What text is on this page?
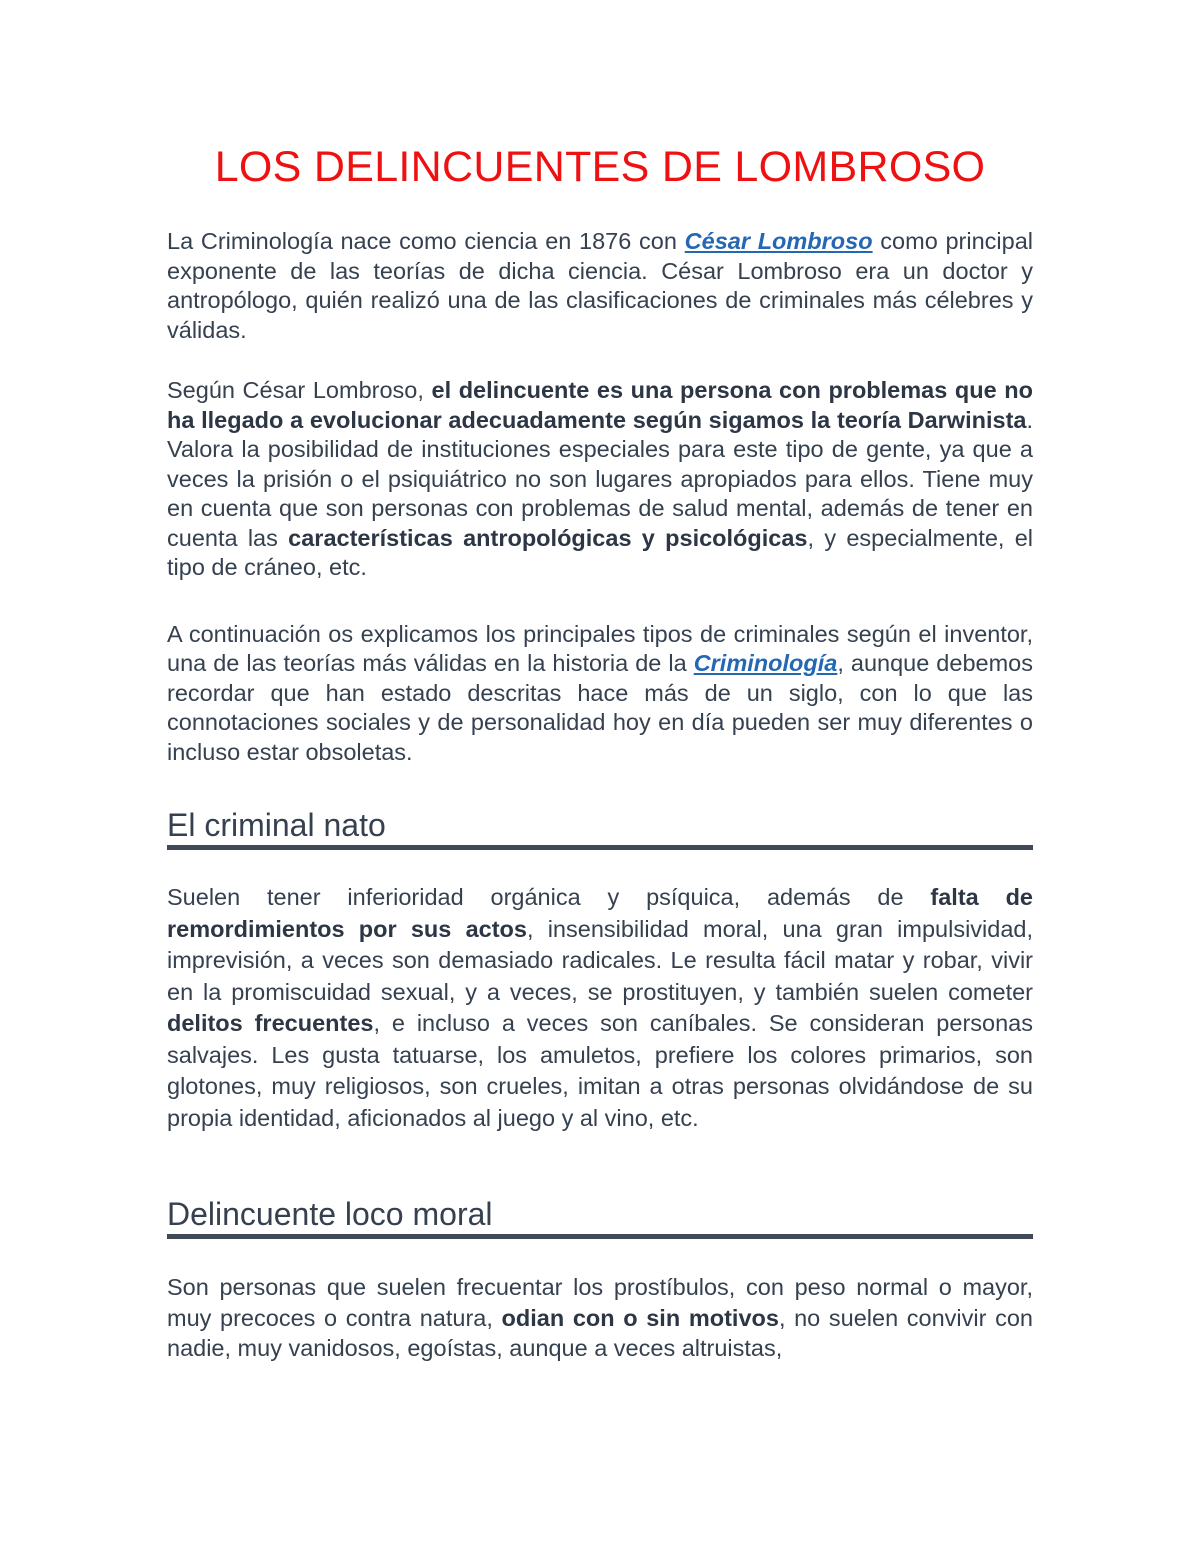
LOS DELINCUENTES DE LOMBROSO

La Criminología nace como ciencia en 1876 con César Lombroso como principal exponente de las teorías de dicha ciencia. César Lombroso era un doctor y antropólogo, quién realizó una de las clasificaciones de criminales más célebres y válidas.

Según César Lombroso, el delincuente es una persona con problemas que no ha llegado a evolucionar adecuadamente según sigamos la teoría Darwinista. Valora la posibilidad de instituciones especiales para este tipo de gente, ya que a veces la prisión o el psiquiátrico no son lugares apropiados para ellos. Tiene muy en cuenta que son personas con problemas de salud mental, además de tener en cuenta las características antropológicas y psicológicas, y especialmente, el tipo de cráneo, etc.

A continuación os explicamos los principales tipos de criminales según el inventor, una de las teorías más válidas en la historia de la Criminología, aunque debemos recordar que han estado descritas hace más de un siglo, con lo que las connotaciones sociales y de personalidad hoy en día pueden ser muy diferentes o incluso estar obsoletas.

El criminal nato

Suelen tener inferioridad orgánica y psíquica, además de falta de remordimientos por sus actos, insensibilidad moral, una gran impulsividad, imprevisión, a veces son demasiado radicales. Le resulta fácil matar y robar, vivir en la promiscuidad sexual, y a veces, se prostituyen, y también suelen cometer delitos frecuentes, e incluso a veces son caníbales. Se consideran personas salvajes. Les gusta tatuarse, los amuletos, prefiere los colores primarios, son glotones, muy religiosos, son crueles, imitan a otras personas olvidándose de su propia identidad, aficionados al juego y al vino, etc.

Delincuente loco moral

Son personas que suelen frecuentar los prostíbulos, con peso normal o mayor, muy precoces o contra natura, odian con o sin motivos, no suelen convivir con nadie, muy vanidosos, egoístas, aunque a veces altruistas,
